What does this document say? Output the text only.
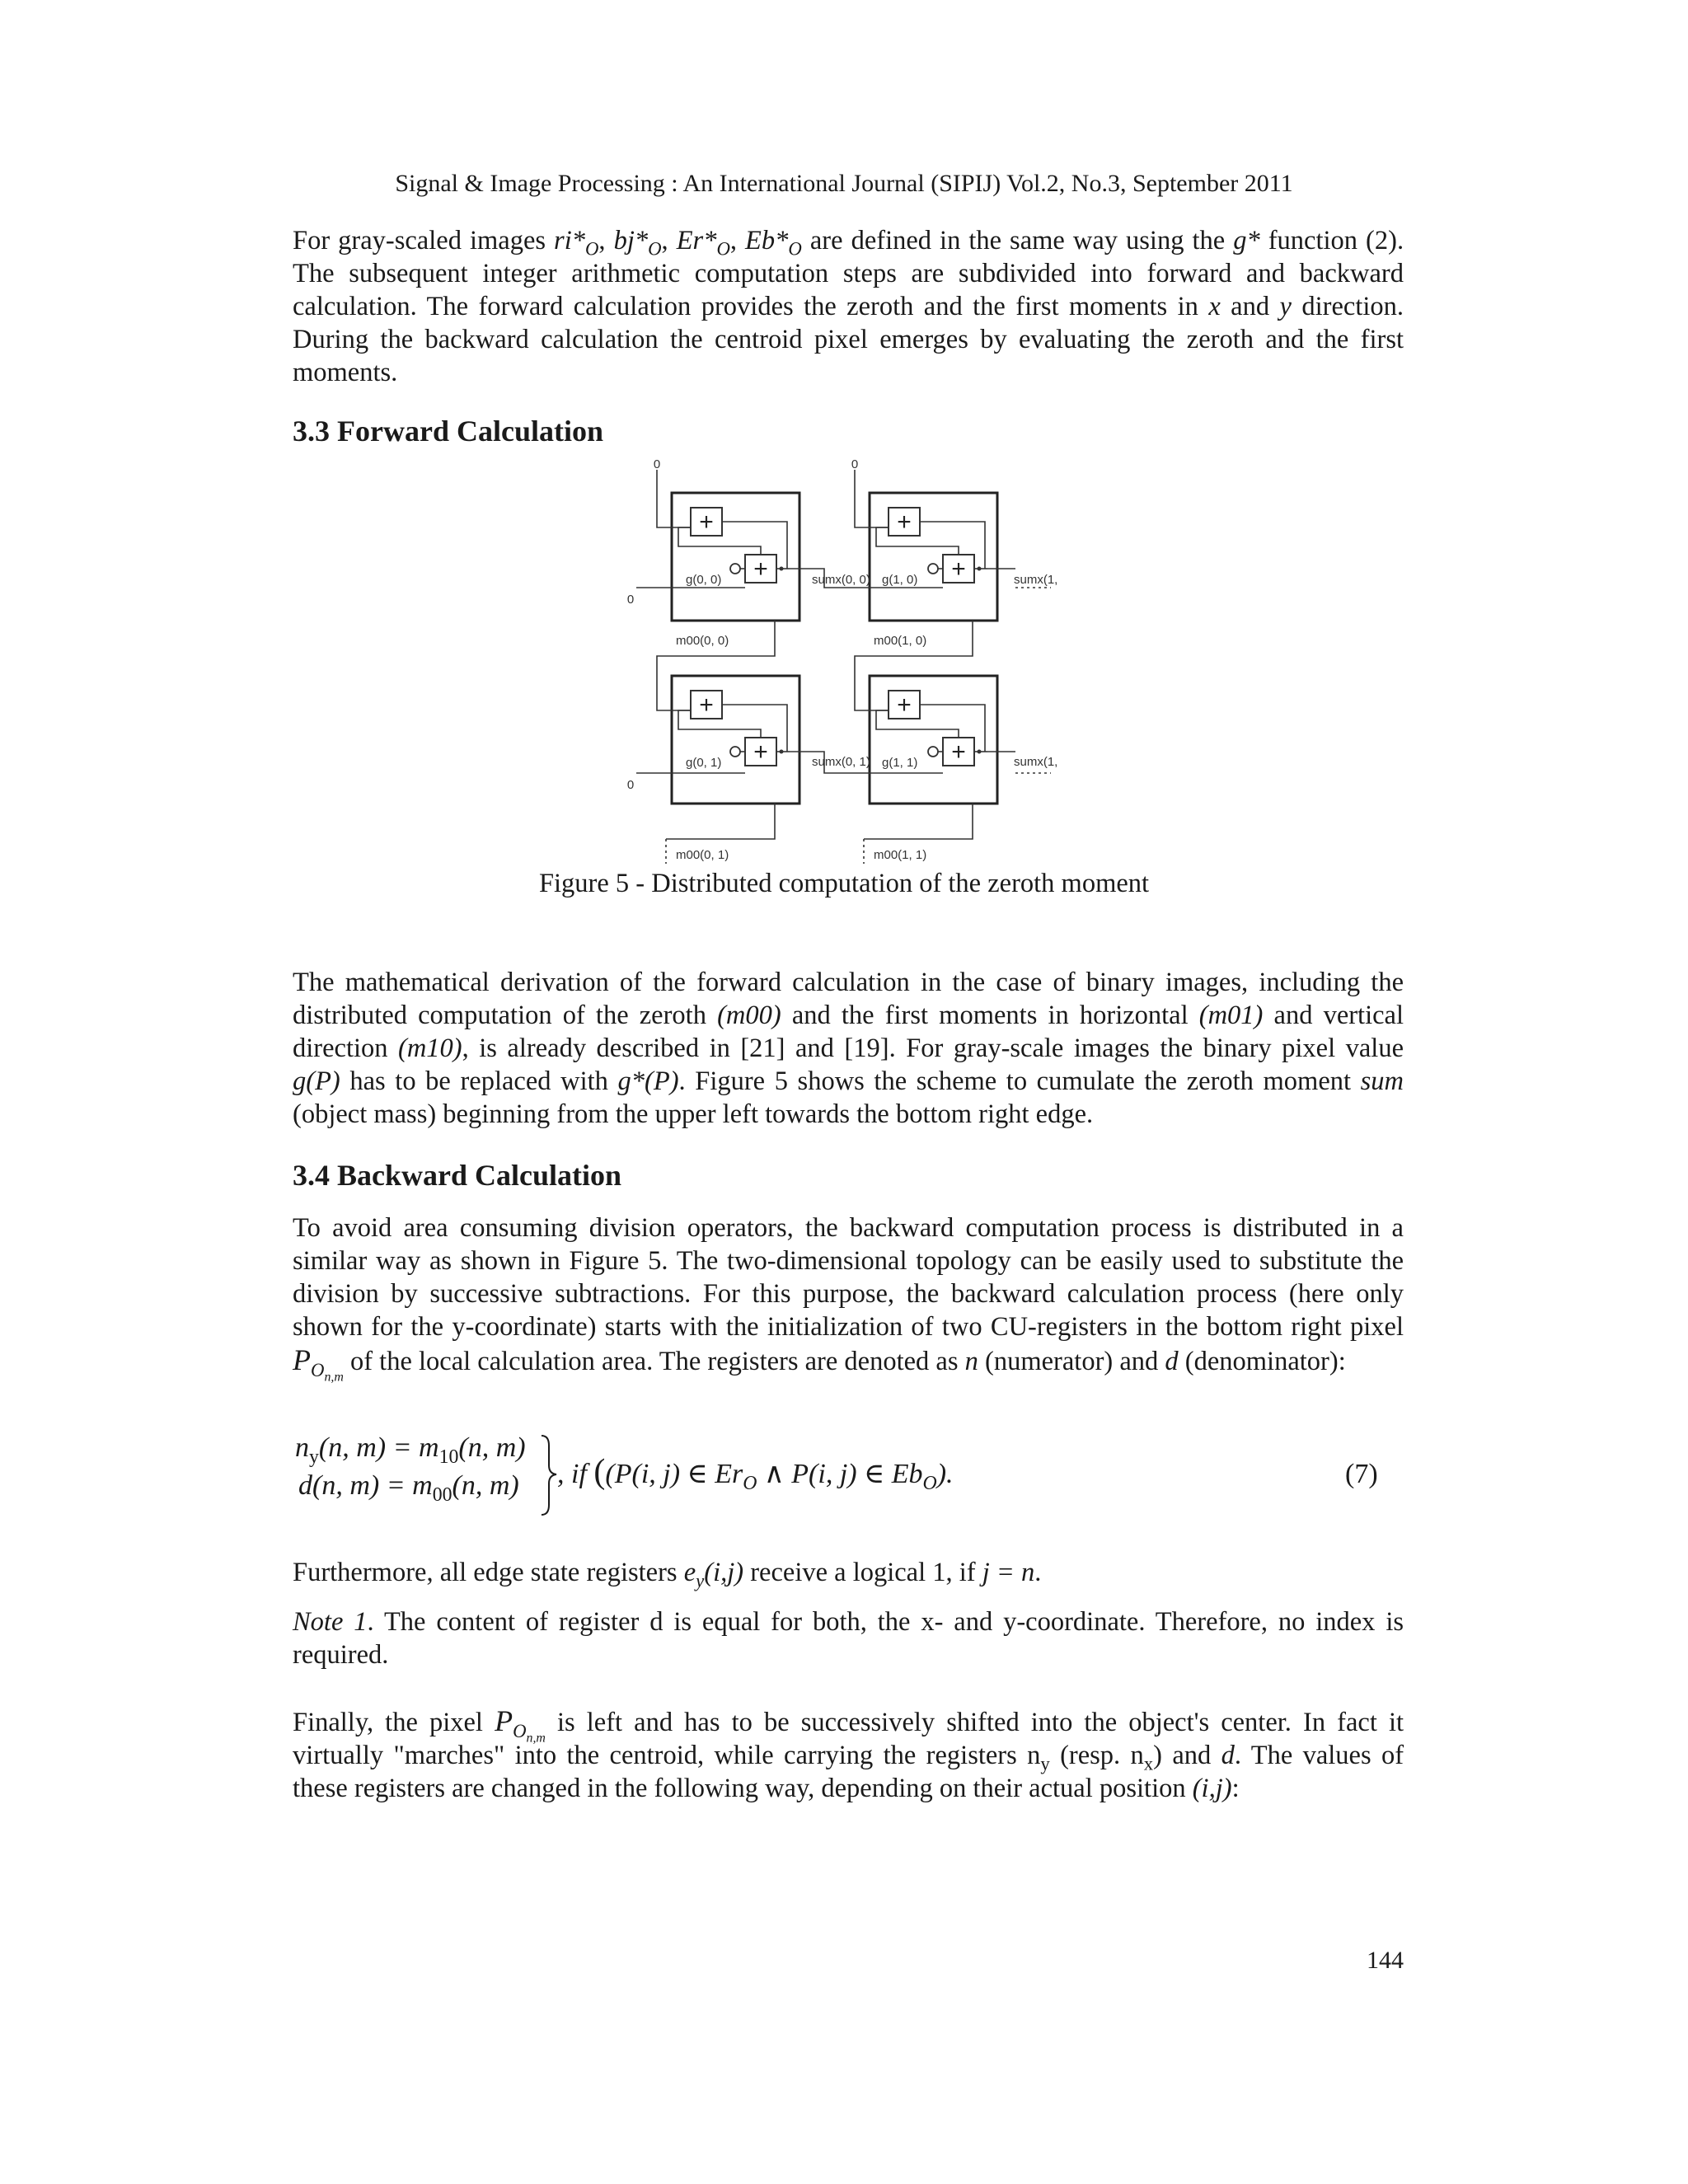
Signal & Image Processing : An International Journal (SIPIJ) Vol.2, No.3, September 2011
For gray-scaled images $ri*_O$, $bj*_O$, $Er*_O$, $Eb*_O$ are defined in the same way using the g* function (2). The subsequent integer arithmetic computation steps are subdivided into forward and backward calculation. The forward calculation provides the zeroth and the first moments in x and y direction. During the backward calculation the centroid pixel emerges by evaluating the zeroth and the first moments.
3.3 Forward Calculation
+
+
0	0
0
0
g(0, 0)	g(1, 0)
g(0, 1)	g(1, 1)
sumx(0, 0)	sumx(1,
sumx(0, 1)	sumx(1,
m00(0, 0)	m00(1, 0)
m00(0, 1)	m00(1, 1)
Figure 5 - Distributed computation of the zeroth moment
The mathematical derivation of the forward calculation in the case of binary images, including the distributed computation of the zeroth (m00) and the first moments in horizontal (m01) and vertical direction (m10), is already described in [21] and [19]. For gray-scale images the binary pixel value g(P) has to be replaced with g*(P). Figure 5 shows the scheme to cumulate the zeroth moment sum (object mass) beginning from the upper left towards the bottom right edge.
3.4 Backward Calculation
To avoid area consuming division operators, the backward computation process is distributed in a similar way as shown in Figure 5. The two-dimensional topology can be easily used to substitute the division by successive subtractions. For this purpose, the backward calculation process (here only shown for the y-coordinate) starts with the initialization of two CU-registers in the bottom right pixel $P_{O_{n,m}}$ of the local calculation area. The registers are denoted as n (numerator) and d (denominator):
$n_y(n$, $m) = m_{10}(n$, m)
d(n, $m) = m_{00}(n$, m) , if ((P(i, j) ∈ $Er_O$ ∧ P(i, j) ∈ $Eb_O$).	(7)
Furthermore, all edge state registers $e_y(i,j)$ receive a logical 1, if j = n.
Note 1. The content of register d is equal for both, the x- and y-coordinate. Therefore, no index is required.
Finally, the pixel $P_{O_{n,m}}$ is left and has to be successively shifted into the object's center. In fact it virtually "marches" into the centroid, while carrying the registers $n_y$ (resp. $n_x$) and d. The values of these registers are changed in the following way, depending on their actual position (i,j):
144
